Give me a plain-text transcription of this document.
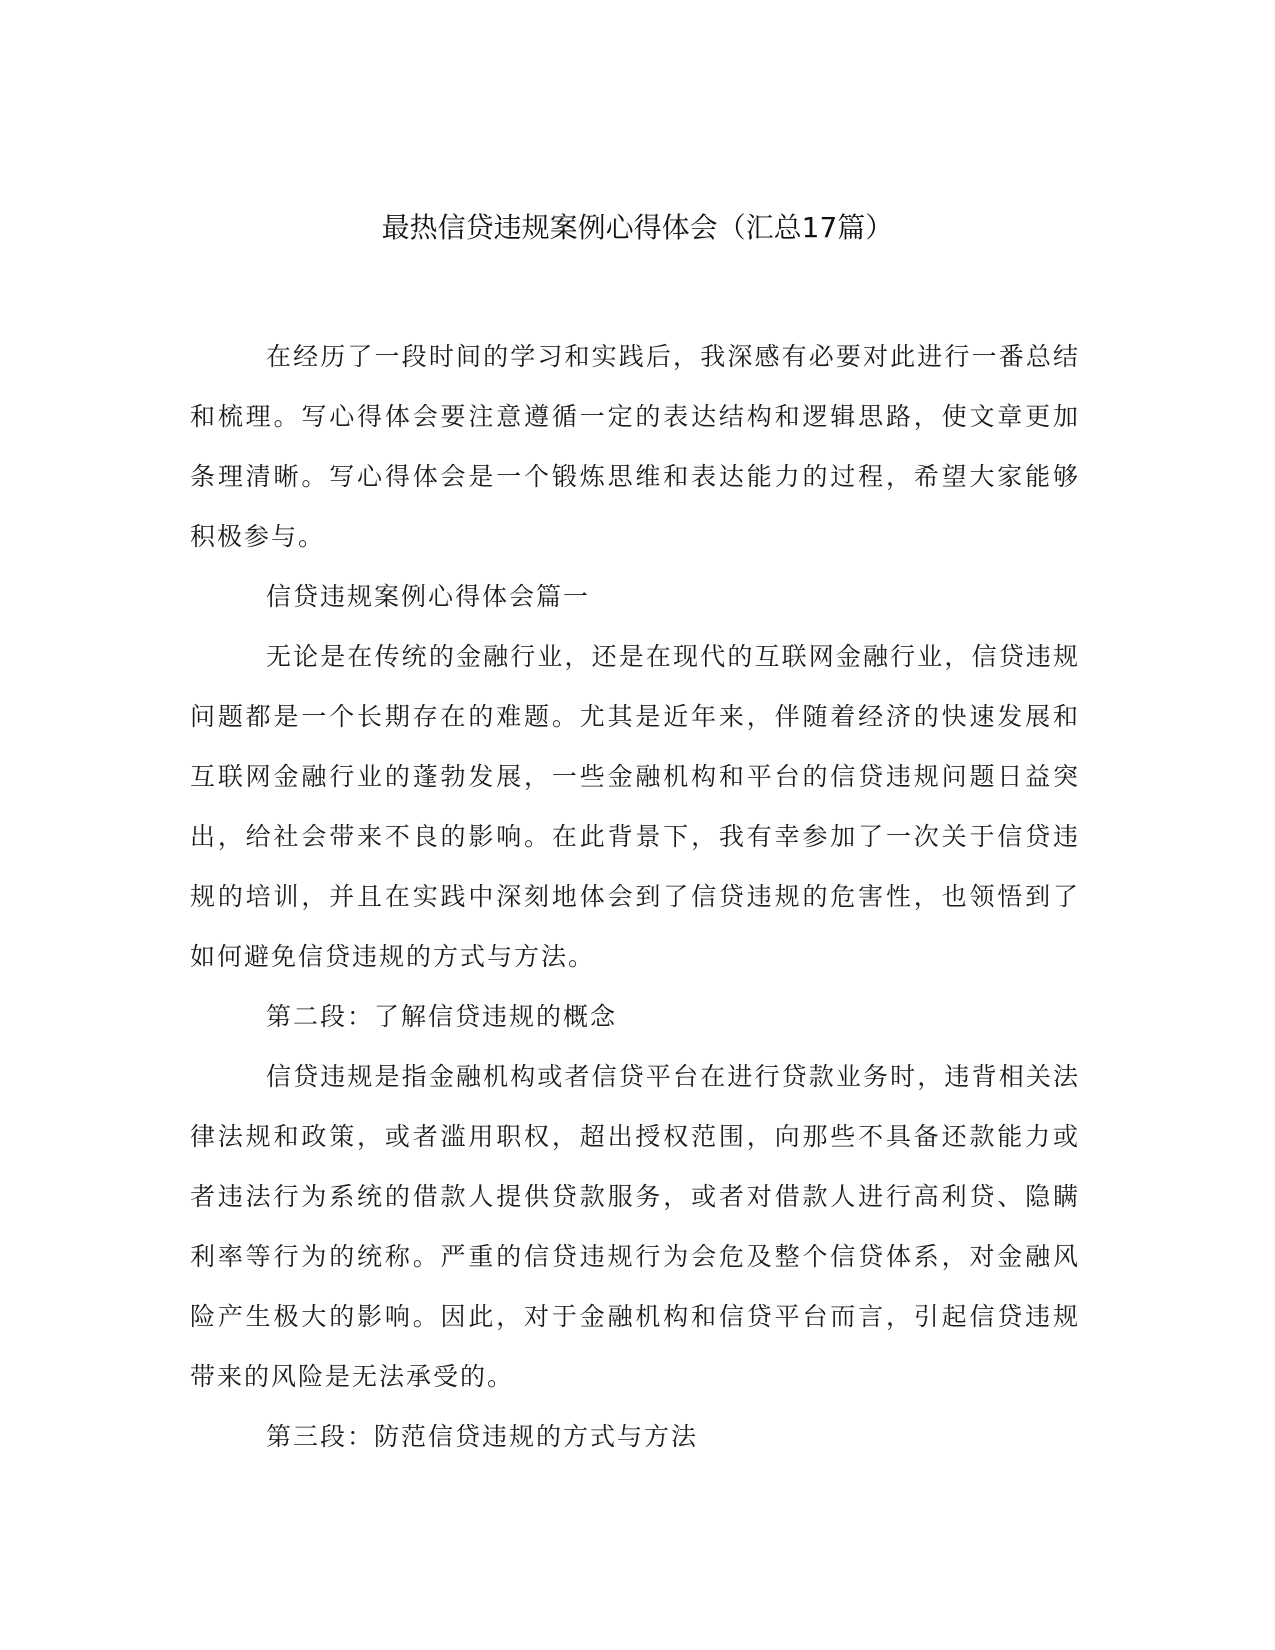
最热信贷违规案例心得体会（汇总17篇）

在经历了一段时间的学习和实践后，我深感有必要对此进行一番总结和梳理。写心得体会要注意遵循一定的表达结构和逻辑思路，使文章更加条理清晰。写心得体会是一个锻炼思维和表达能力的过程，希望大家能够积极参与。

信贷违规案例心得体会篇一

无论是在传统的金融行业，还是在现代的互联网金融行业，信贷违规问题都是一个长期存在的难题。尤其是近年来，伴随着经济的快速发展和互联网金融行业的蓬勃发展，一些金融机构和平台的信贷违规问题日益突出，给社会带来不良的影响。在此背景下，我有幸参加了一次关于信贷违规的培训，并且在实践中深刻地体会到了信贷违规的危害性，也领悟到了如何避免信贷违规的方式与方法。

第二段：了解信贷违规的概念

信贷违规是指金融机构或者信贷平台在进行贷款业务时，违背相关法律法规和政策，或者滥用职权，超出授权范围，向那些不具备还款能力或者违法行为系统的借款人提供贷款服务，或者对借款人进行高利贷、隐瞒利率等行为的统称。严重的信贷违规行为会危及整个信贷体系，对金融风险产生极大的影响。因此，对于金融机构和信贷平台而言，引起信贷违规带来的风险是无法承受的。

第三段：防范信贷违规的方式与方法
